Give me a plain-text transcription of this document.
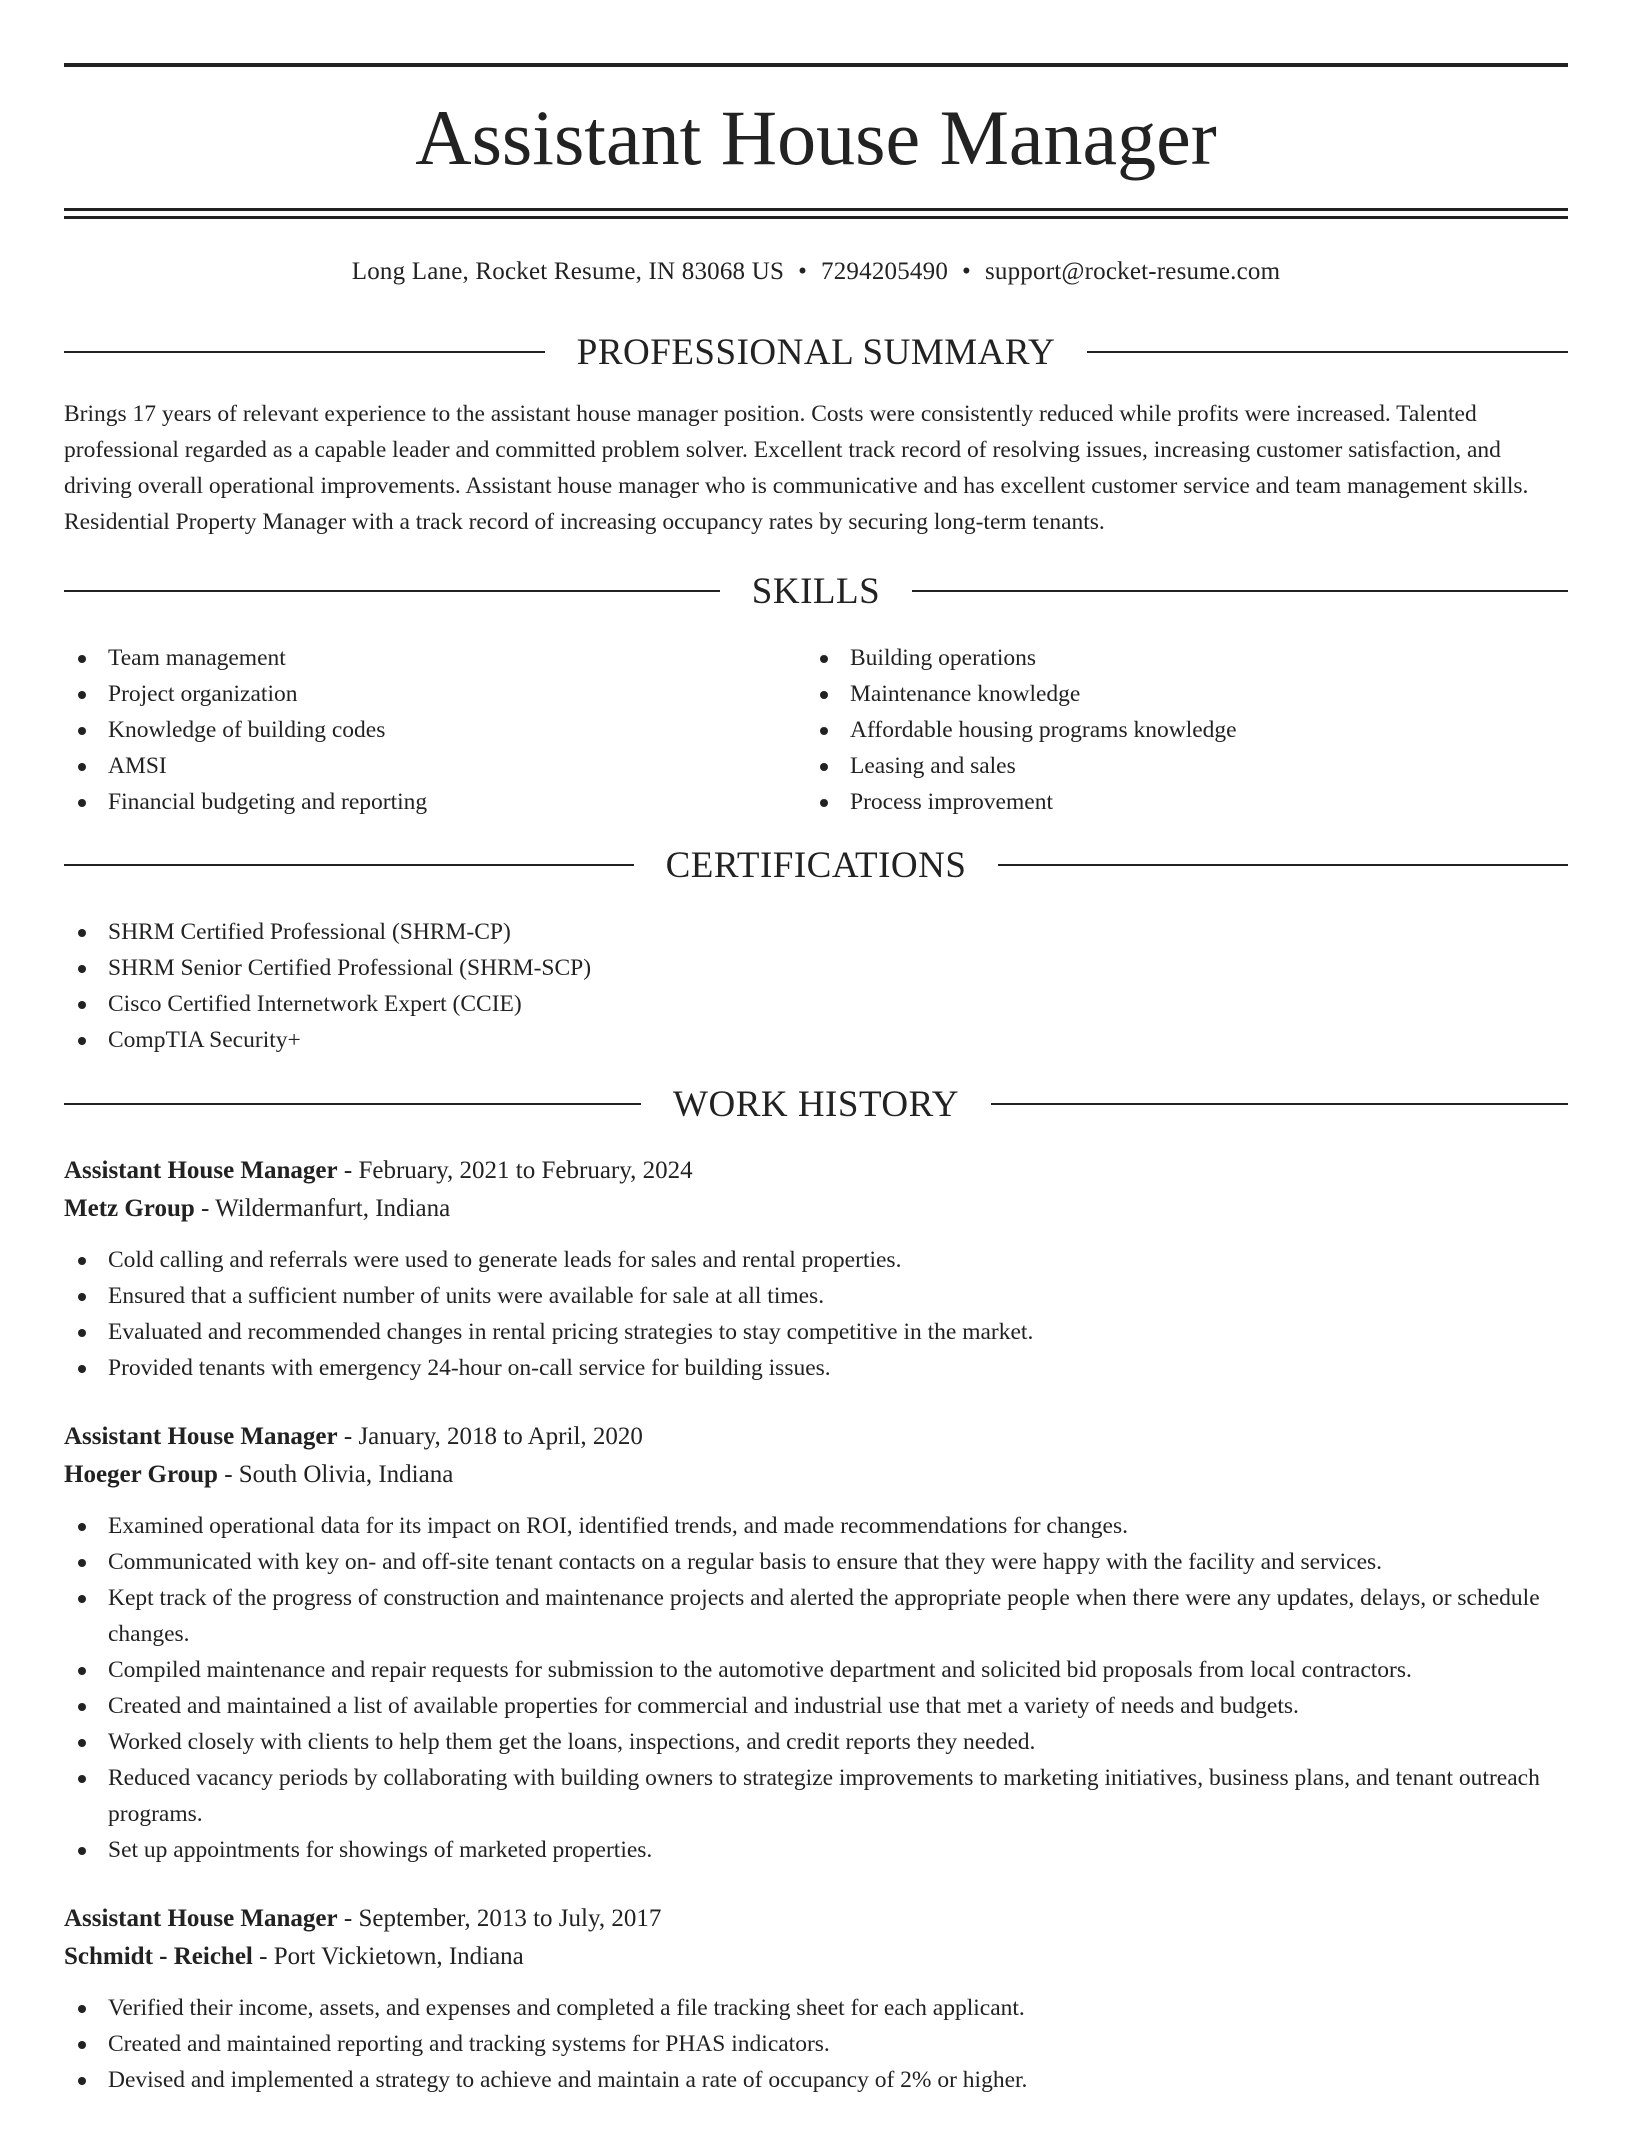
Assistant House Manager
Long Lane, Rocket Resume, IN 83068 US • 7294205490 • support@rocket-resume.com
PROFESSIONAL SUMMARY

Brings 17 years of relevant experience to the assistant house manager position. Costs were consistently reduced while profits were increased. Talented professional regarded as a capable leader and committed problem solver. Excellent track record of resolving issues, increasing customer satisfaction, and driving overall operational improvements. Assistant house manager who is communicative and has excellent customer service and team management skills. Residential Property Manager with a track record of increasing occupancy rates by securing long-term tenants.

SKILLS
Team management
Project organization
Knowledge of building codes
AMSI
Financial budgeting and reporting
Building operations
Maintenance knowledge
Affordable housing programs knowledge
Leasing and sales
Process improvement
CERTIFICATIONS
SHRM Certified Professional (SHRM-CP)
SHRM Senior Certified Professional (SHRM-SCP)
Cisco Certified Internetwork Expert (CCIE)
CompTIA Security+
WORK HISTORY
Assistant House Manager - February, 2021 to February, 2024
Metz Group - Wildermanfurt, Indiana
Cold calling and referrals were used to generate leads for sales and rental properties.
Ensured that a sufficient number of units were available for sale at all times.
Evaluated and recommended changes in rental pricing strategies to stay competitive in the market.
Provided tenants with emergency 24-hour on-call service for building issues.
Assistant House Manager - January, 2018 to April, 2020
Hoeger Group - South Olivia, Indiana
Examined operational data for its impact on ROI, identified trends, and made recommendations for changes.
Communicated with key on- and off-site tenant contacts on a regular basis to ensure that they were happy with the facility and services.
Kept track of the progress of construction and maintenance projects and alerted the appropriate people when there were any updates, delays, or schedule changes.
Compiled maintenance and repair requests for submission to the automotive department and solicited bid proposals from local contractors.
Created and maintained a list of available properties for commercial and industrial use that met a variety of needs and budgets.
Worked closely with clients to help them get the loans, inspections, and credit reports they needed.
Reduced vacancy periods by collaborating with building owners to strategize improvements to marketing initiatives, business plans, and tenant outreach programs.
Set up appointments for showings of marketed properties.
Assistant House Manager - September, 2013 to July, 2017
Schmidt - Reichel - Port Vickietown, Indiana
Verified their income, assets, and expenses and completed a file tracking sheet for each applicant.
Created and maintained reporting and tracking systems for PHAS indicators.
Devised and implemented a strategy to achieve and maintain a rate of occupancy of 2% or higher.
